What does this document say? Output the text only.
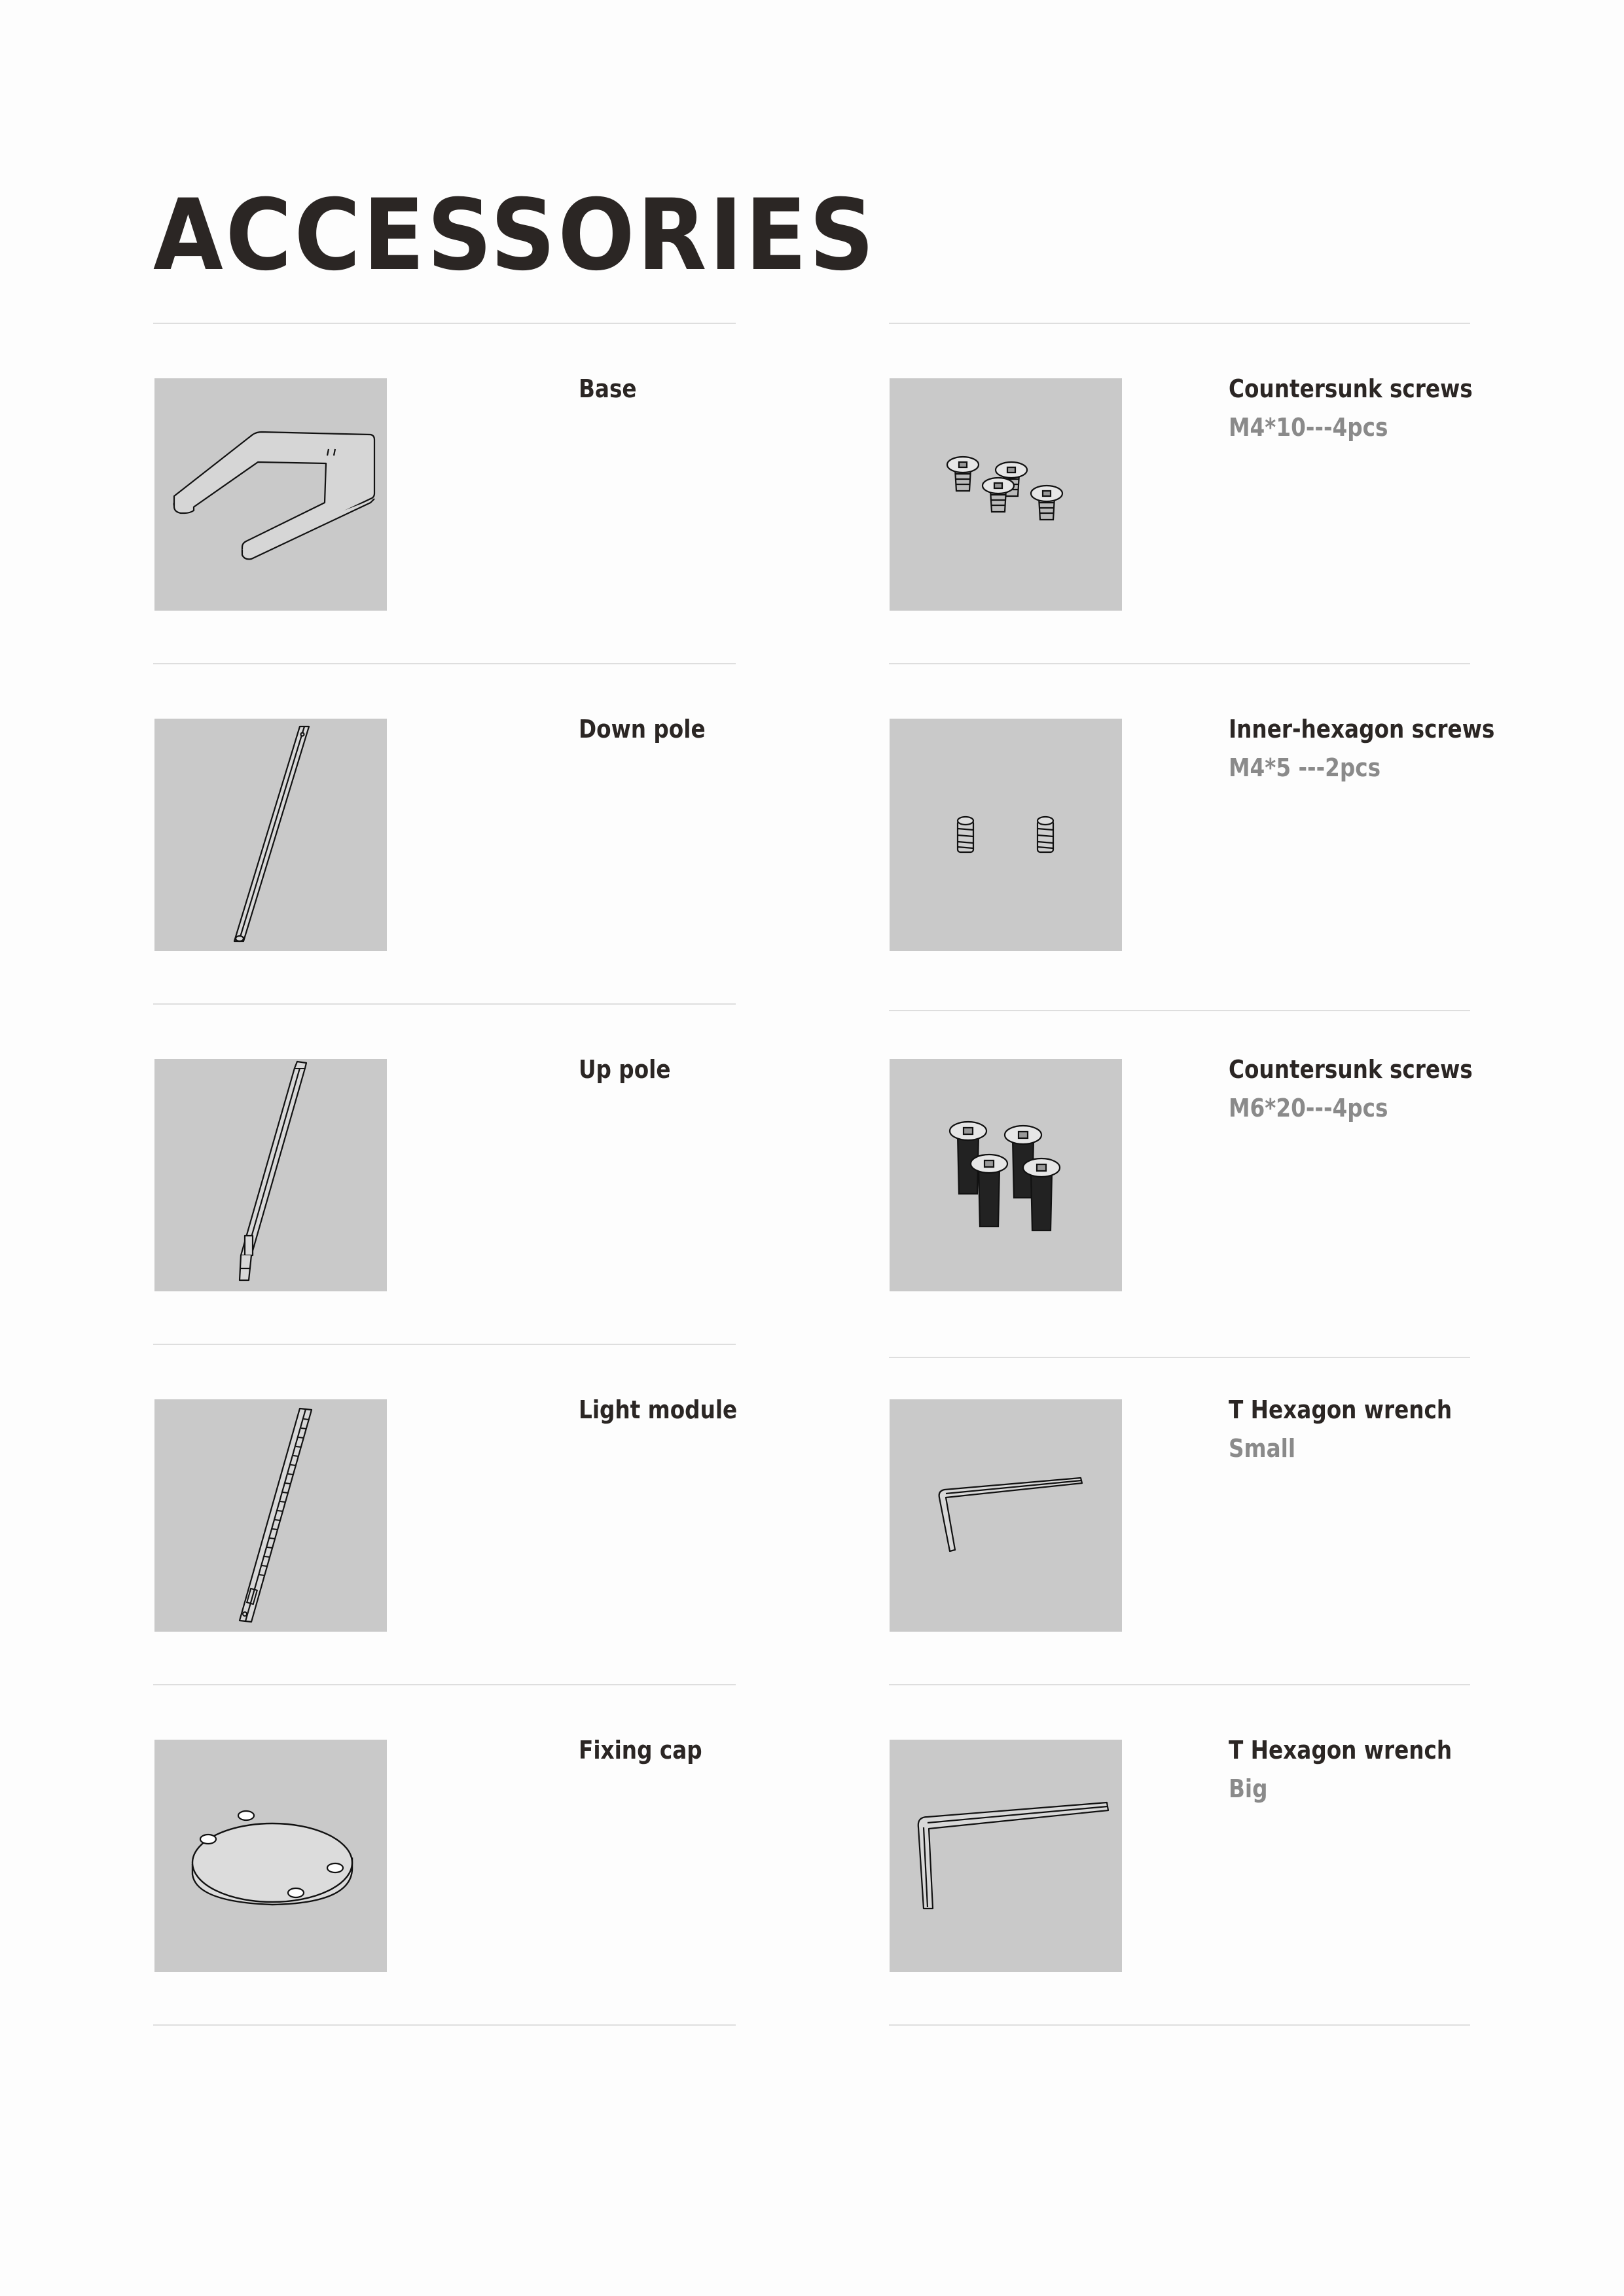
ACCESSORIES
Base
Down pole
Up pole
Light module
Fixing cap
Countersunk screws
M4*10---4pcs
Inner-hexagon screws
M4*5 ---2pcs
Countersunk screws
M6*20---4pcs
T Hexagon wrench
Small
T Hexagon wrench
Big
